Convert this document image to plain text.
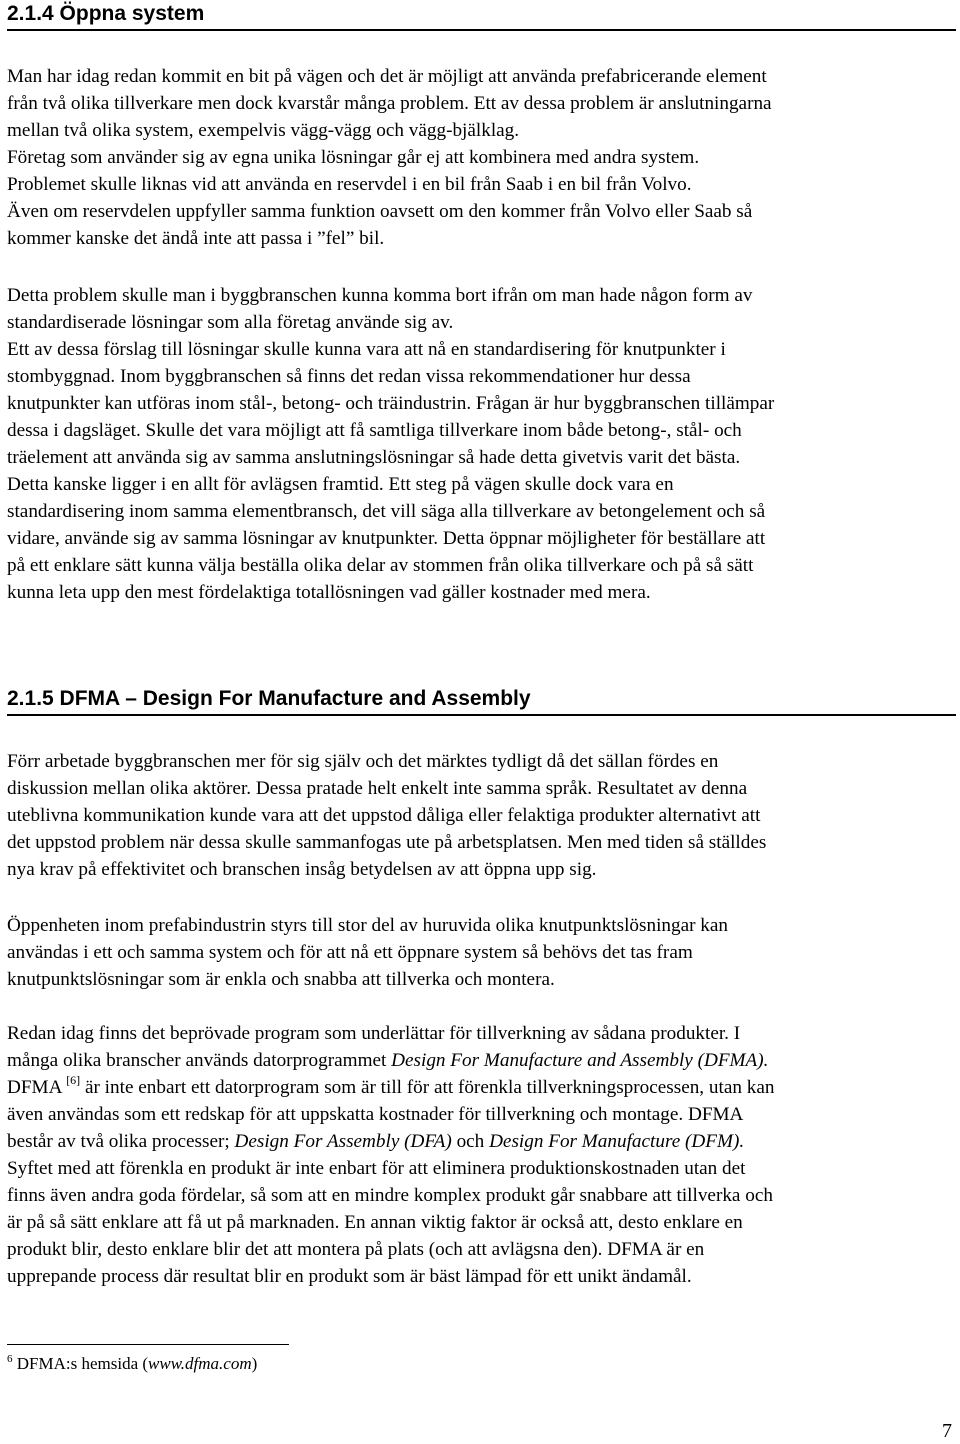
2.1.4 Öppna system

Man har idag redan kommit en bit på vägen och det är möjligt att använda prefabricerande element
från två olika tillverkare men dock kvarstår många problem. Ett av dessa problem är anslutningarna
mellan två olika system, exempelvis vägg-vägg och vägg-bjälklag.
Företag som använder sig av egna unika lösningar går ej att kombinera med andra system.
Problemet skulle liknas vid att använda en reservdel i en bil från Saab i en bil från Volvo.
Även om reservdelen uppfyller samma funktion oavsett om den kommer från Volvo eller Saab så
kommer kanske det ändå inte att passa i ”fel” bil.

Detta problem skulle man i byggbranschen kunna komma bort ifrån om man hade någon form av
standardiserade lösningar som alla företag använde sig av.
Ett av dessa förslag till lösningar skulle kunna vara att nå en standardisering för knutpunkter i
stombyggnad. Inom byggbranschen så finns det redan vissa rekommendationer hur dessa
knutpunkter kan utföras inom stål-, betong- och träindustrin. Frågan är hur byggbranschen tillämpar
dessa i dagsläget. Skulle det vara möjligt att få samtliga tillverkare inom både betong-, stål- och
träelement att använda sig av samma anslutningslösningar så hade detta givetvis varit det bästa.
Detta kanske ligger i en allt för avlägsen framtid. Ett steg på vägen skulle dock vara en
standardisering inom samma elementbransch, det vill säga alla tillverkare av betongelement och så
vidare, använde sig av samma lösningar av knutpunkter. Detta öppnar möjligheter för beställare att
på ett enklare sätt kunna välja beställa olika delar av stommen från olika tillverkare och på så sätt
kunna leta upp den mest fördelaktiga totallösningen vad gäller kostnader med mera.

2.1.5 DFMA – Design For Manufacture and Assembly

Förr arbetade byggbranschen mer för sig själv och det märktes tydligt då det sällan fördes en
diskussion mellan olika aktörer. Dessa pratade helt enkelt inte samma språk. Resultatet av denna
uteblivna kommunikation kunde vara att det uppstod dåliga eller felaktiga produkter alternativt att
det uppstod problem när dessa skulle sammanfogas ute på arbetsplatsen. Men med tiden så ställdes
nya krav på effektivitet och branschen insåg betydelsen av att öppna upp sig.

Öppenheten inom prefabindustrin styrs till stor del av huruvida olika knutpunktslösningar kan
användas i ett och samma system och för att nå ett öppnare system så behövs det tas fram
knutpunktslösningar som är enkla och snabba att tillverka och montera.

Redan idag finns det beprövade program som underlättar för tillverkning av sådana produkter. I
många olika branscher används datorprogrammet Design For Manufacture and Assembly (DFMA).
DFMA [6] är inte enbart ett datorprogram som är till för att förenkla tillverkningsprocessen, utan kan
även användas som ett redskap för att uppskatta kostnader för tillverkning och montage. DFMA
består av två olika processer; Design For Assembly (DFA) och Design For Manufacture (DFM).
Syftet med att förenkla en produkt är inte enbart för att eliminera produktionskostnaden utan det
finns även andra goda fördelar, så som att en mindre komplex produkt går snabbare att tillverka och
är på så sätt enklare att få ut på marknaden. En annan viktig faktor är också att, desto enklare en
produkt blir, desto enklare blir det att montera på plats (och att avlägsna den). DFMA är en
upprepande process där resultat blir en produkt som är bäst lämpad för ett unikt ändamål.

$^6$ DFMA:s hemsida (www.dfma.com)
7
